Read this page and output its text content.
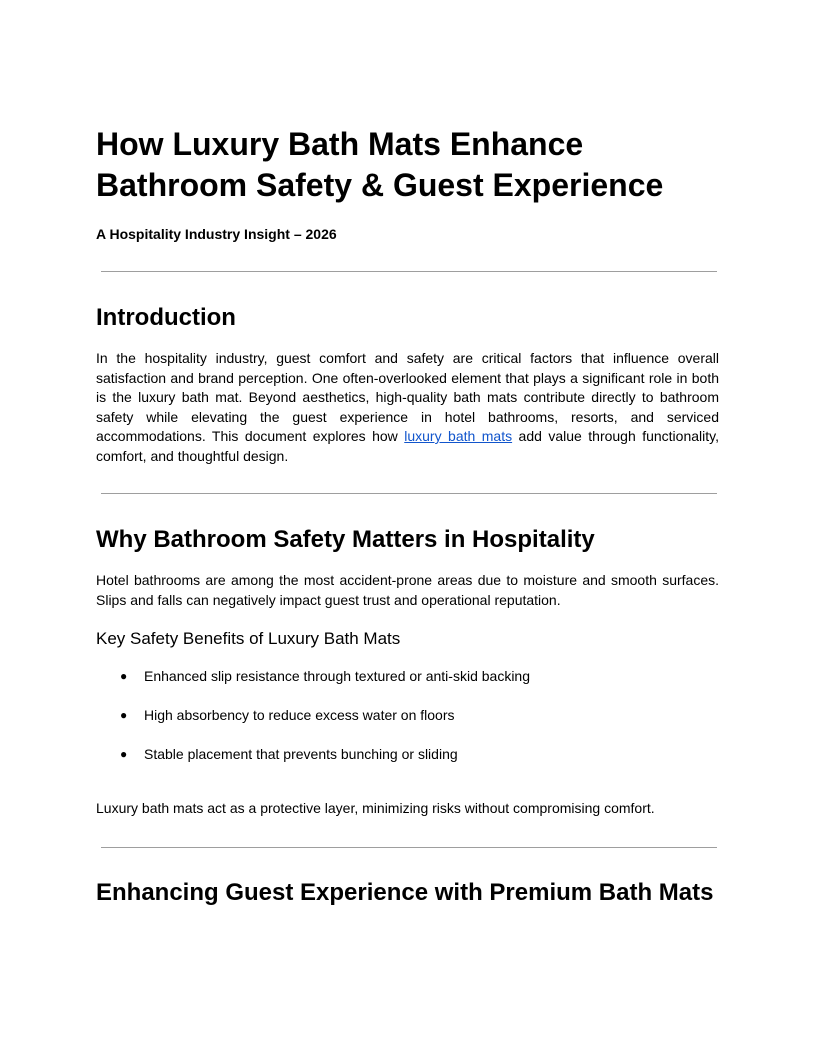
How Luxury Bath Mats Enhance Bathroom Safety & Guest Experience

A Hospitality Industry Insight – 2026

Introduction

In the hospitality industry, guest comfort and safety are critical factors that influence overall satisfaction and brand perception. One often-overlooked element that plays a significant role in both is the luxury bath mat. Beyond aesthetics, high-quality bath mats contribute directly to bathroom safety while elevating the guest experience in hotel bathrooms, resorts, and serviced accommodations. This document explores how luxury bath mats add value through functionality, comfort, and thoughtful design.

Why Bathroom Safety Matters in Hospitality

Hotel bathrooms are among the most accident-prone areas due to moisture and smooth surfaces. Slips and falls can negatively impact guest trust and operational reputation.

Key Safety Benefits of Luxury Bath Mats
● Enhanced slip resistance through textured or anti-skid backing
● High absorbency to reduce excess water on floors
● Stable placement that prevents bunching or sliding

Luxury bath mats act as a protective layer, minimizing risks without compromising comfort.

Enhancing Guest Experience with Premium Bath Mats
